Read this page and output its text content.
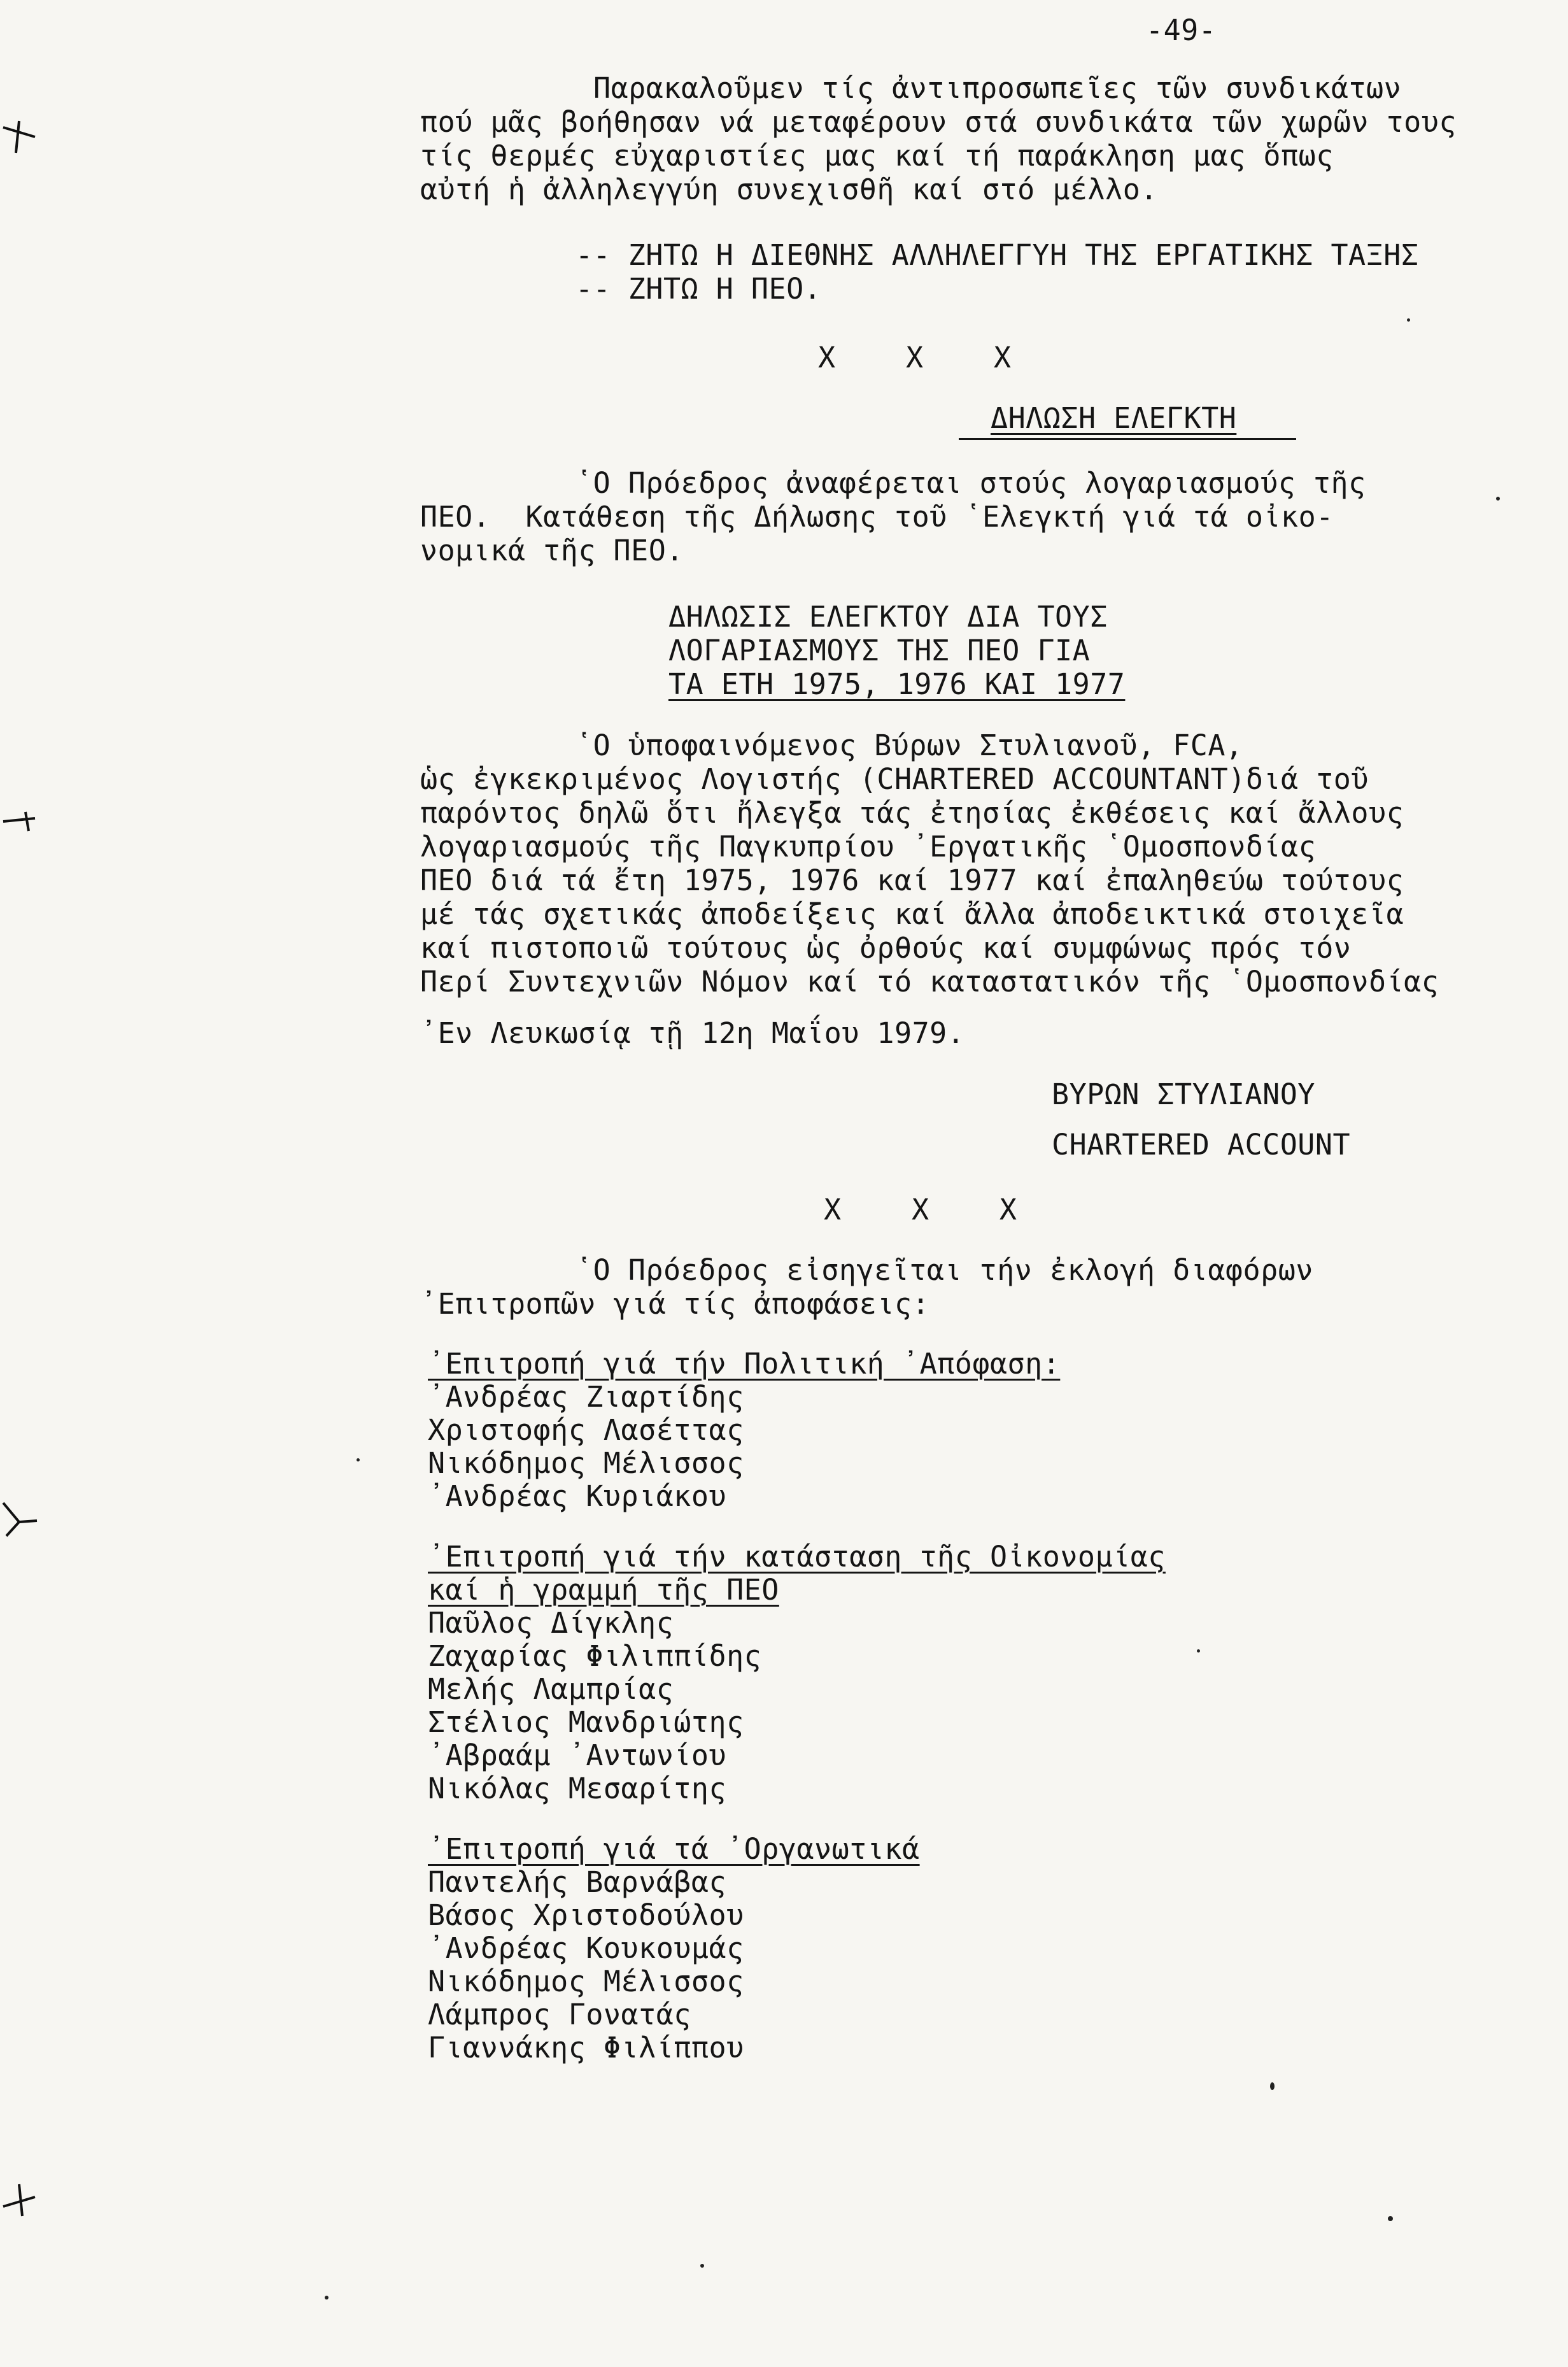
-49-
Παρακαλοῦμεν τίς ἀντιπροσωπεῖες τῶν συνδικάτων
πού μᾶς βοήθησαν νά μεταφέρουν στά συνδικάτα τῶν χωρῶν τους
τίς θερμές εὐχαριστίες μας καί τή παράκληση μας ὅπως
αὐτή ἡ ἀλληλεγγύη συνεχισθῆ καί στό μέλλο.
-- ΖΗΤΩ Η ΔΙΕΘΝΗΣ ΑΛΛΗΛΕΓΓΥΗ ΤΗΣ ΕΡΓΑΤΙΚΗΣ ΤΑΞΗΣ
-- ΖΗΤΩ Η ΠΕΟ.
X    X    X
ΔΗΛΩΣΗ ΕΛΕΓΚΤΗ
῾Ο Πρόεδρος ἀναφέρεται στούς λογαριασμούς τῆς
ΠΕΟ.  Κατάθεση τῆς Δήλωσης τοῦ ῾Ελεγκτή γιά τά οἰκο-
νομικά τῆς ΠΕΟ.
ΔΗΛΩΣΙΣ ΕΛΕΓΚΤΟΥ ΔΙΑ ΤΟΥΣ
ΛΟΓΑΡΙΑΣΜΟΥΣ ΤΗΣ ΠΕΟ ΓΙΑ
ΤΑ ΕΤΗ 1975, 1976 ΚΑΙ 1977
῾Ο ὑποφαινόμενος Βύρων Στυλιανοῦ, FCA,
ὡς ἐγκεκριμένος Λογιστής (CHARTERED ACCOUNTANT)διά τοῦ
παρόντος δηλῶ ὅτι ἤλεγξα τάς ἐτησίας ἐκθέσεις καί ἄλλους
λογαριασμούς τῆς Παγκυπρίου ᾽Εργατικῆς ῾Ομοσπονδίας
ΠΕΟ διά τά ἔτη 1975, 1976 καί 1977 καί ἐπαληθεύω τούτους
μέ τάς σχετικάς ἀποδείξεις καί ἄλλα ἀποδεικτικά στοιχεῖα
καί πιστοποιῶ τούτους ὡς ὀρθούς καί συμφώνως πρός τόν
Περί Συντεχνιῶν Νόμον καί τό καταστατικόν τῆς ῾Ομοσπονδίας
᾽Εν Λευκωσίᾳ τῇ 12η Μαΐου 1979.
ΒΥΡΩΝ ΣΤΥΛΙΑΝΟΥ
CHARTERED ACCOUNT
X    X    X
῾Ο Πρόεδρος εἰσηγεῖται τήν ἐκλογή διαφόρων
᾽Επιτροπῶν γιά τίς ἀποφάσεις:
᾽Επιτροπή γιά τήν Πολιτική ᾽Απόφαση:
᾽Ανδρέας Ζιαρτίδης
Χριστοφής Λασέττας
Νικόδημος Μέλισσος
᾽Ανδρέας Κυριάκου
᾽Επιτροπή γιά τήν κατάσταση τῆς Οἰκονομίας
καί ἡ γραμμή τῆς ΠΕΟ
Παῦλος Δίγκλης
Ζαχαρίας Φιλιππίδης
Μελής Λαμπρίας
Στέλιος Μανδριώτης
᾽Αβραάμ ᾽Αντωνίου
Νικόλας Μεσαρίτης
᾽Επιτροπή γιά τά ᾽Οργανωτικά
Παντελής Βαρνάβας
Βάσος Χριστοδούλου
᾽Ανδρέας Κουκουμάς
Νικόδημος Μέλισσος
Λάμπρος Γονατάς
Γιαννάκης Φιλίππου
